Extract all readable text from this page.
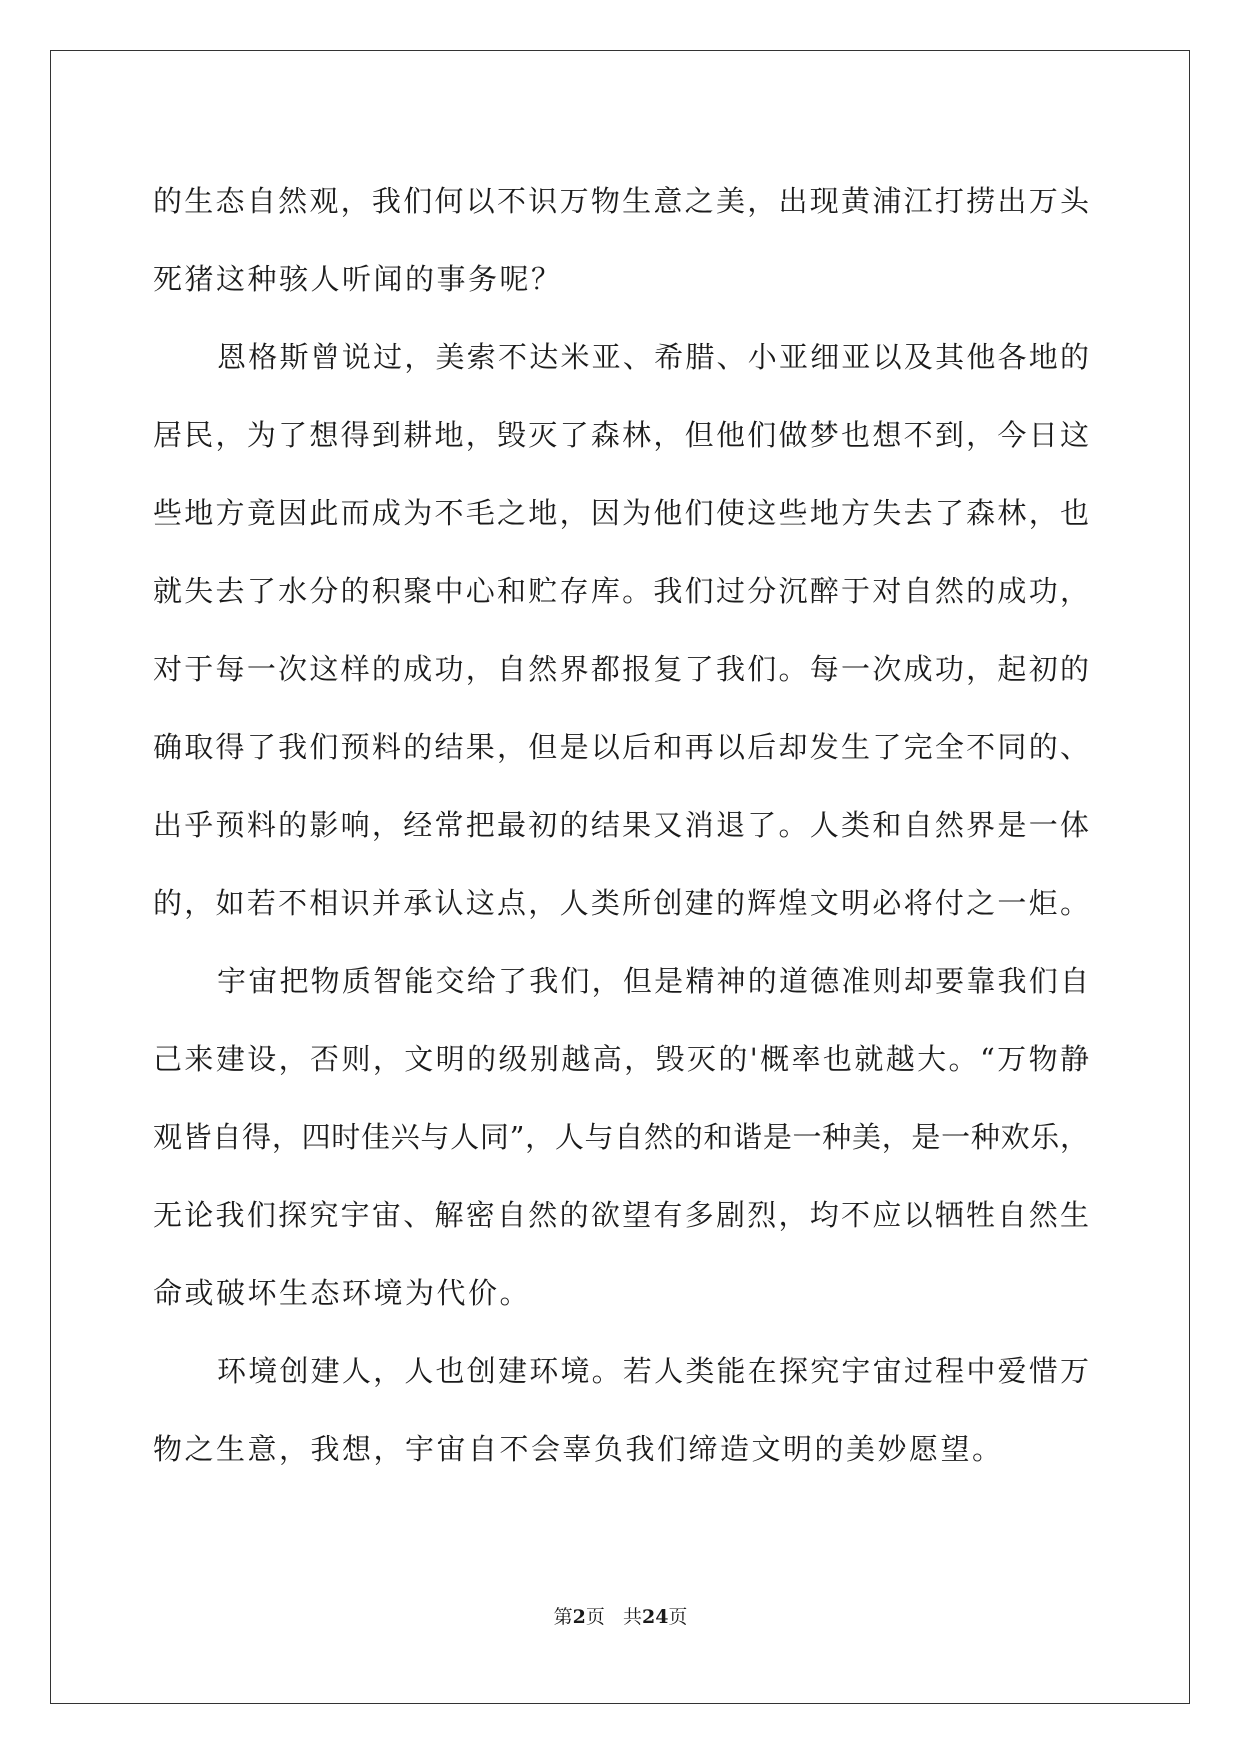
的生态自然观，我们何以不识万物生意之美，出现黄浦江打捞出万头
死猪这种骇人听闻的事务呢？
恩格斯曾说过，美索不达米亚、希腊、小亚细亚以及其他各地的
居民，为了想得到耕地，毁灭了森林，但他们做梦也想不到，今日这
些地方竟因此而成为不毛之地，因为他们使这些地方失去了森林，也
就失去了水分的积聚中心和贮存库。我们过分沉醉于对自然的成功，
对于每一次这样的成功，自然界都报复了我们。每一次成功，起初的
确取得了我们预料的结果，但是以后和再以后却发生了完全不同的、
出乎预料的影响，经常把最初的结果又消退了。人类和自然界是一体
的，如若不相识并承认这点，人类所创建的辉煌文明必将付之一炬。
宇宙把物质智能交给了我们，但是精神的道德准则却要靠我们自
己来建设，否则，文明的级别越高，毁灭的'概率也就越大。“万物静
观皆自得，四时佳兴与人同”，人与自然的和谐是一种美，是一种欢乐，
无论我们探究宇宙、解密自然的欲望有多剧烈，均不应以牺牲自然生
命或破坏生态环境为代价。
环境创建人，人也创建环境。若人类能在探究宇宙过程中爱惜万
物之生意，我想，宇宙自不会辜负我们缔造文明的美妙愿望。
第2页 共24页
